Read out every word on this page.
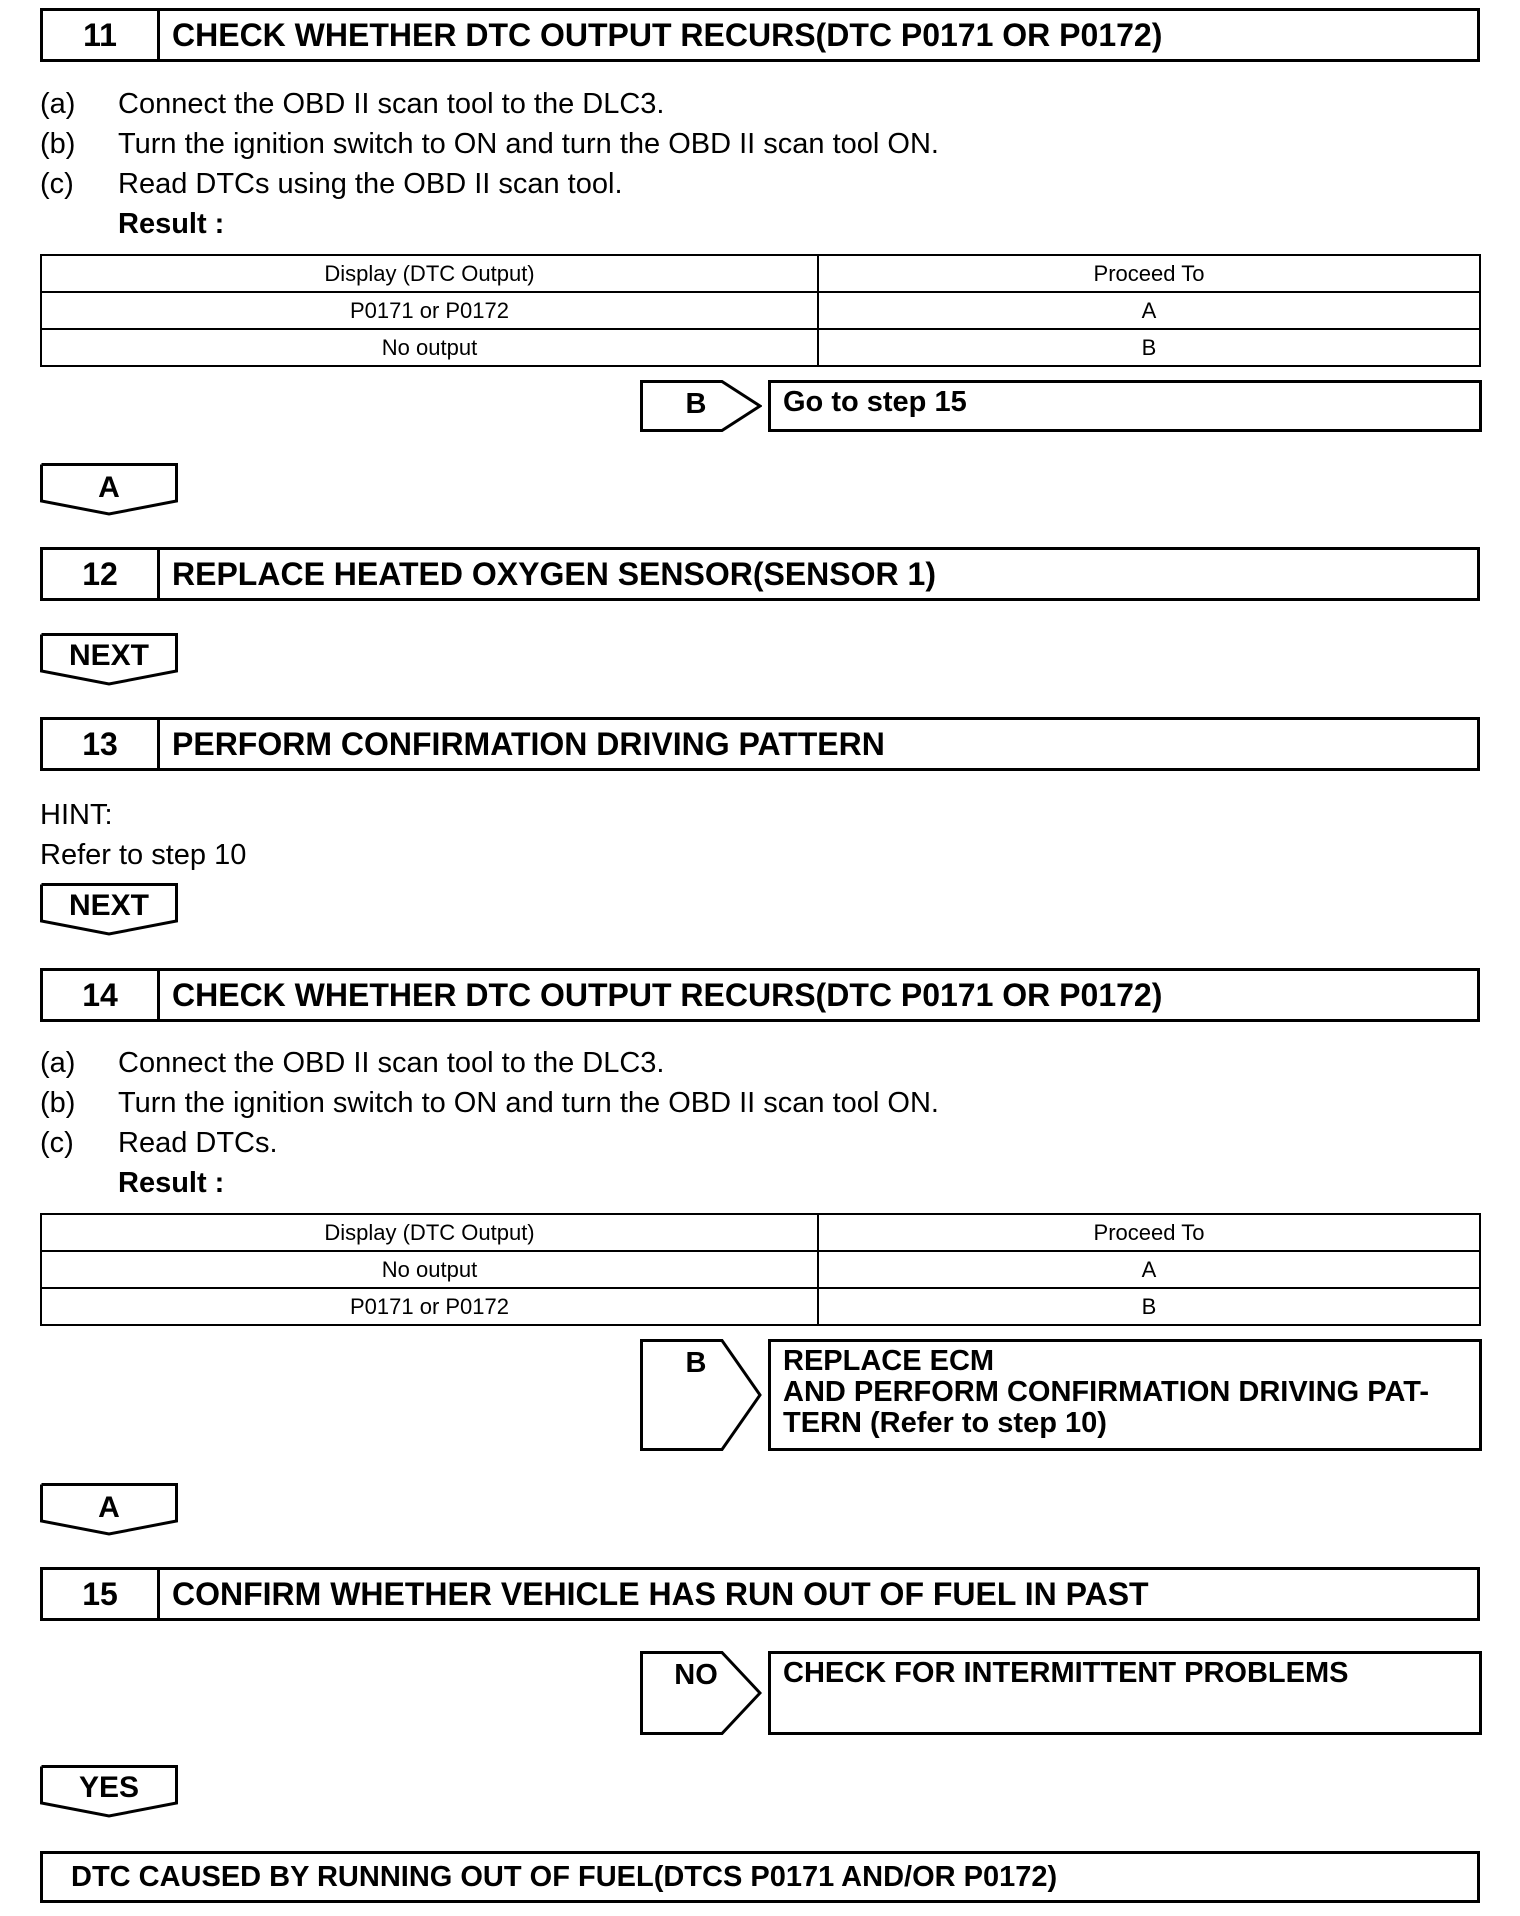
11	CHECK WHETHER DTC OUTPUT RECURS(DTC P0171 OR P0172)
(a) Connect the OBD II scan tool to the DLC3.
(b) Turn the ignition switch to ON and turn the OBD II scan tool ON.
(c) Read DTCs using the OBD II scan tool.
Result :
Display (DTC Output)	Proceed To
P0171 or P0172	A
No output	B
B	Go to step 15
A
12	REPLACE HEATED OXYGEN SENSOR(SENSOR 1)
NEXT
13	PERFORM CONFIRMATION DRIVING PATTERN
HINT:
Refer to step 10
NEXT
14	CHECK WHETHER DTC OUTPUT RECURS(DTC P0171 OR P0172)
(a) Connect the OBD II scan tool to the DLC3.
(b) Turn the ignition switch to ON and turn the OBD II scan tool ON.
(c) Read DTCs.
Result :
Display (DTC Output)	Proceed To
No output	A
P0171 or P0172	B
B	REPLACE ECM
AND PERFORM CONFIRMATION DRIVING PAT-
TERN (Refer to step 10)
A
15	CONFIRM WHETHER VEHICLE HAS RUN OUT OF FUEL IN PAST
NO	CHECK FOR INTERMITTENT PROBLEMS
YES
DTC CAUSED BY RUNNING OUT OF FUEL(DTCS P0171 AND/OR P0172)
